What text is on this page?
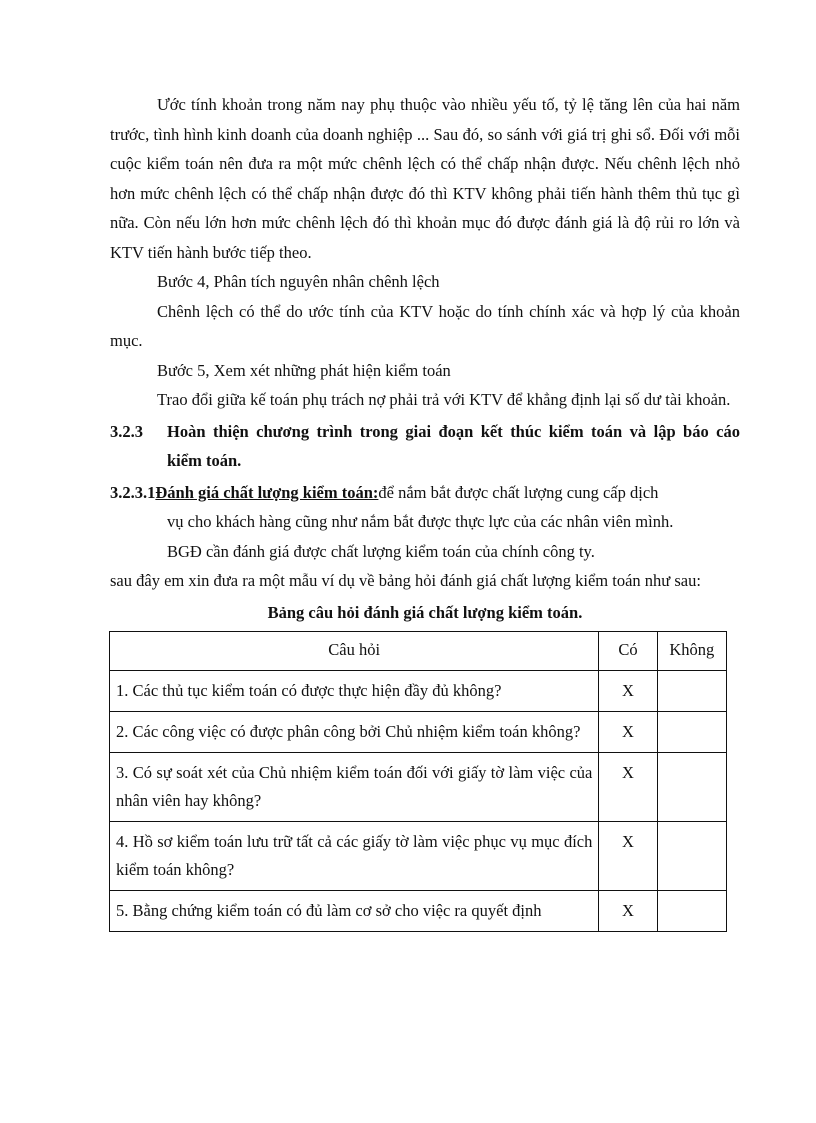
Ước tính khoản trong năm nay phụ thuộc vào nhiều yếu tố, tỷ lệ tăng lên của hai năm trước, tình hình kinh doanh của doanh nghiệp ... Sau đó, so sánh với giá trị ghi sổ. Đối với mỗi cuộc kiểm toán nên đưa ra một mức chênh lệch có thể chấp nhận được. Nếu chênh lệch nhỏ hơn mức chênh lệch có thể chấp nhận được đó thì KTV không phải tiến hành thêm thủ tục gì nữa. Còn nếu lớn hơn mức chênh lệch đó thì khoản mục đó được đánh giá là độ rủi ro lớn và KTV tiến hành bước tiếp theo.

Bước 4, Phân tích nguyên nhân chênh lệch

Chênh lệch có thể do ước tính của KTV hoặc do tính chính xác và hợp lý của khoản mục.

Bước 5, Xem xét những phát hiện kiểm toán

Trao đổi giữa kế toán phụ trách nợ phải trả với KTV để khẳng định lại số dư tài khoản.

3.2.3	Hoàn thiện chương trình trong giai đoạn kết thúc kiểm toán và lập báo cáo
kiểm toán.
3.2.3.1 Đánh giá chất lượng kiểm toán: để nắm bắt được chất lượng cung cấp dịch
vụ cho khách hàng cũng như nắm bắt được thực lực của các nhân viên mình.
BGĐ cần đánh giá được chất lượng kiểm toán của chính công ty.

sau đây em xin đưa ra một mẫu ví dụ về bảng hỏi đánh giá chất lượng kiểm toán như sau:

Bảng câu hỏi đánh giá chất lượng kiểm toán.
Câu hỏi	Có	Không
1. Các thủ tục kiểm toán có được thực hiện đầy đủ không?	X	
2. Các công việc có được phân công bởi Chủ nhiệm kiểm toán không?	X	
3. Có sự soát xét của Chủ nhiệm kiểm toán đối với giấy tờ làm việc của nhân viên hay không?	X	
4. Hồ sơ kiểm toán lưu trữ tất cả các giấy tờ làm việc phục vụ mục đích kiểm toán không?	X	
5. Bằng chứng kiểm toán có đủ làm cơ sở cho việc ra quyết định	X	
